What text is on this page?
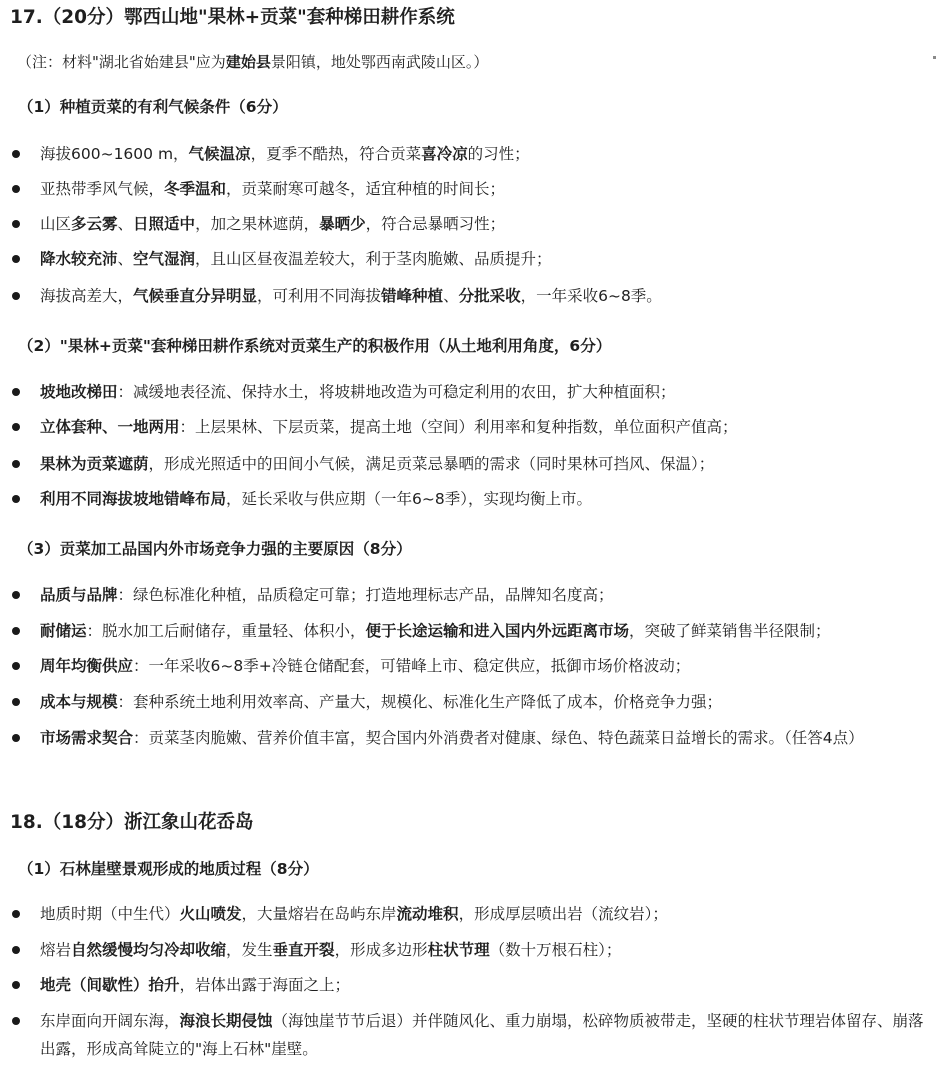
17.（20分）鄂西山地"果林+贡菜"套种梯田耕作系统

（注：材料"湖北省始建县"应为建始县景阳镇，地处鄂西南武陵山区。）

（1）种植贡菜的有利气候条件（6分）
海拔600~1600 m，气候温凉，夏季不酷热，符合贡菜喜冷凉的习性；
亚热带季风气候，冬季温和，贡菜耐寒可越冬，适宜种植的时间长；
山区多云雾、日照适中，加之果林遮荫，暴晒少，符合忌暴晒习性；
降水较充沛、空气湿润，且山区昼夜温差较大，利于茎肉脆嫩、品质提升；
海拔高差大，气候垂直分异明显，可利用不同海拔错峰种植、分批采收，一年采收6~8季。
（2）"果林+贡菜"套种梯田耕作系统对贡菜生产的积极作用（从土地利用角度，6分）
坡地改梯田：减缓地表径流、保持水土，将坡耕地改造为可稳定利用的农田，扩大种植面积；
立体套种、一地两用：上层果林、下层贡菜，提高土地（空间）利用率和复种指数，单位面积产值高；
果林为贡菜遮荫，形成光照适中的田间小气候，满足贡菜忌暴晒的需求（同时果林可挡风、保温）；
利用不同海拔坡地错峰布局，延长采收与供应期（一年6~8季），实现均衡上市。
（3）贡菜加工品国内外市场竞争力强的主要原因（8分）
品质与品牌：绿色标准化种植，品质稳定可靠；打造地理标志产品，品牌知名度高；
耐储运：脱水加工后耐储存，重量轻、体积小，便于长途运输和进入国内外远距离市场，突破了鲜菜销售半径限制；
周年均衡供应：一年采收6~8季+冷链仓储配套，可错峰上市、稳定供应，抵御市场价格波动；
成本与规模：套种系统土地利用效率高、产量大，规模化、标准化生产降低了成本，价格竞争力强；
市场需求契合：贡菜茎肉脆嫩、营养价值丰富，契合国内外消费者对健康、绿色、特色蔬菜日益增长的需求。（任答4点）
18.（18分）浙江象山花岙岛
（1）石林崖壁景观形成的地质过程（8分）
地质时期（中生代）火山喷发，大量熔岩在岛屿东岸流动堆积，形成厚层喷出岩（流纹岩）；
熔岩自然缓慢均匀冷却收缩，发生垂直开裂，形成多边形柱状节理（数十万根石柱）；
地壳（间歇性）抬升，岩体出露于海面之上；
东岸面向开阔东海，海浪长期侵蚀（海蚀崖节节后退）并伴随风化、重力崩塌，松碎物质被带走，坚硬的柱状节理岩体留存、崩落出露，形成高耸陡立的"海上石林"崖壁。
